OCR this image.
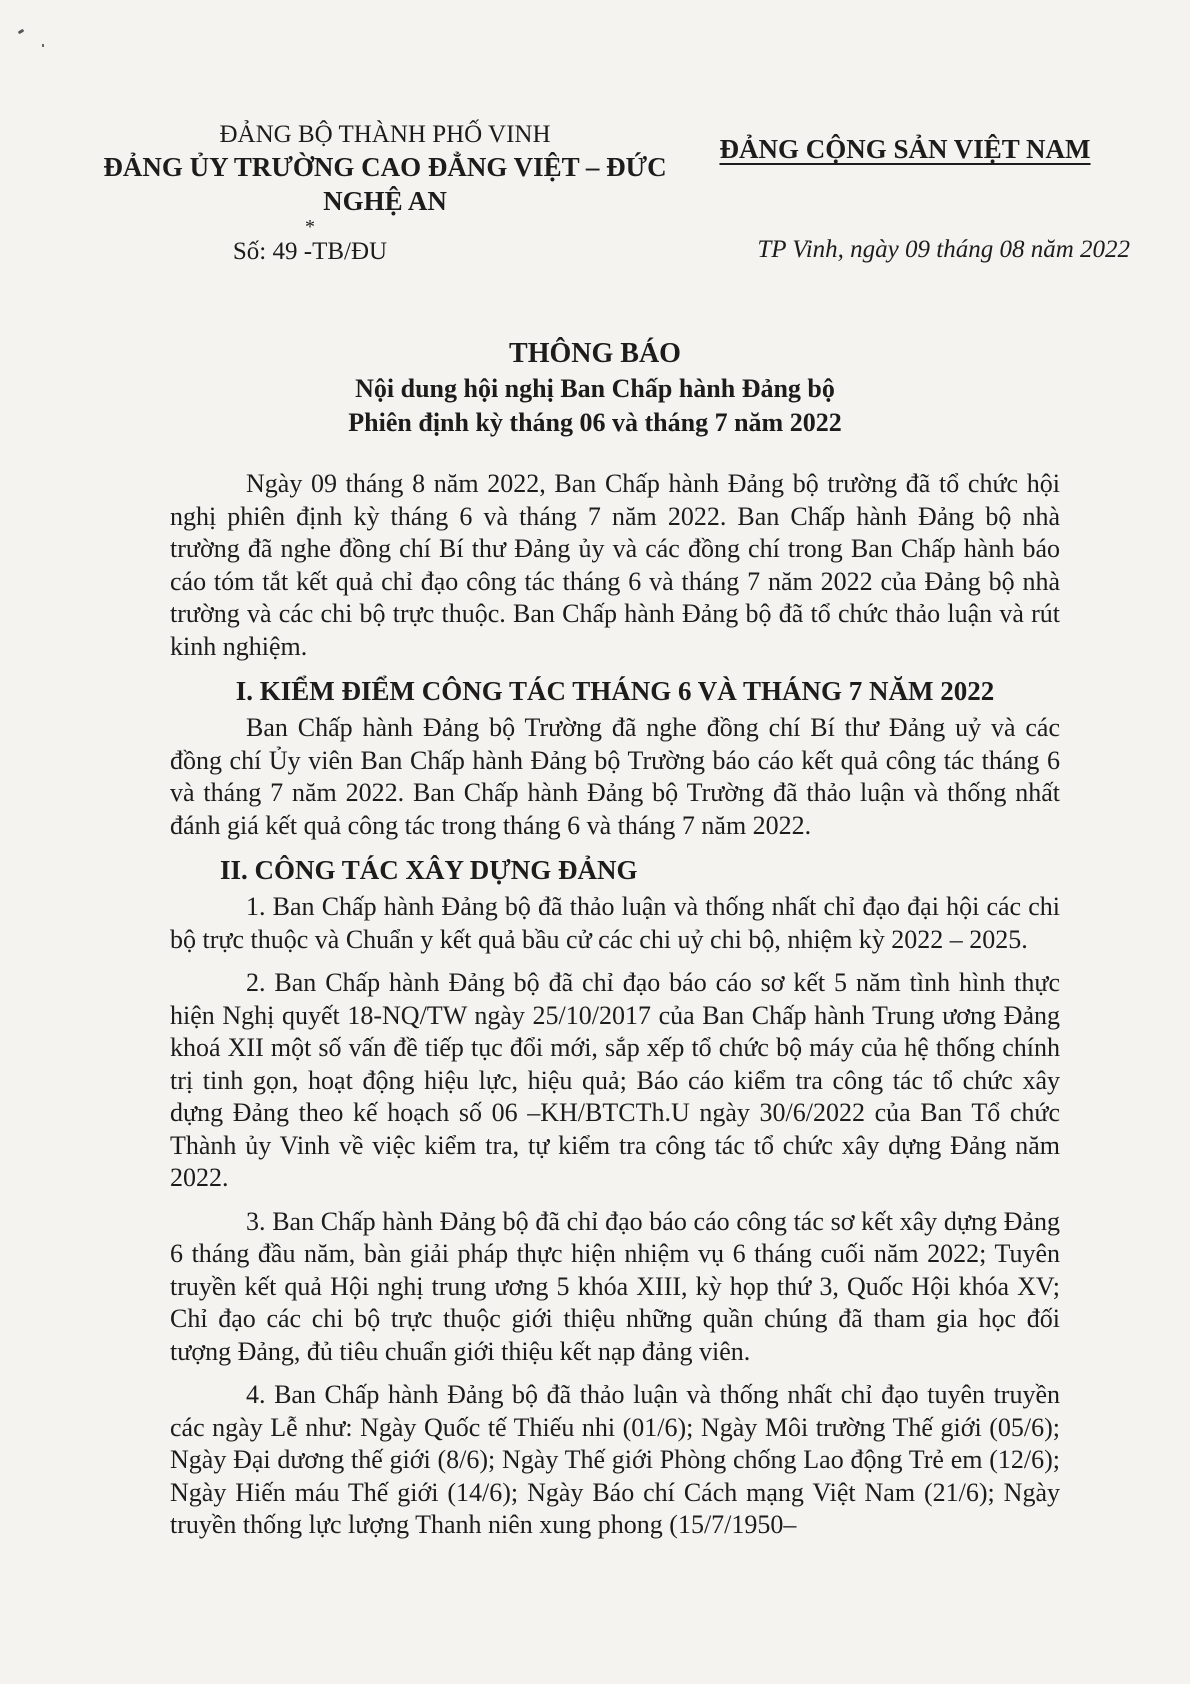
ĐẢNG BỘ THÀNH PHỐ VINH
ĐẢNG ỦY TRƯỜNG CAO ĐẲNG VIỆT – ĐỨC
NGHỆ AN
*
Số: 49 -TB/ĐU
ĐẢNG CỘNG SẢN VIỆT NAM
TP Vinh, ngày 09 tháng 08 năm 2022
THÔNG BÁO
Nội dung hội nghị Ban Chấp hành Đảng bộ
Phiên định kỳ tháng 06 và tháng 7 năm 2022

Ngày 09 tháng 8 năm 2022, Ban Chấp hành Đảng bộ trường đã tổ chức hội nghị phiên định kỳ tháng 6 và tháng 7 năm 2022. Ban Chấp hành Đảng bộ nhà trường đã nghe đồng chí Bí thư Đảng ủy và các đồng chí trong Ban Chấp hành báo cáo tóm tắt kết quả chỉ đạo công tác tháng 6 và tháng 7 năm 2022 của Đảng bộ nhà trường và các chi bộ trực thuộc. Ban Chấp hành Đảng bộ đã tổ chức thảo luận và rút kinh nghiệm.

I. KIỂM ĐIỂM CÔNG TÁC THÁNG 6 VÀ THÁNG 7 NĂM 2022

Ban Chấp hành Đảng bộ Trường đã nghe đồng chí Bí thư Đảng uỷ và các đồng chí Ủy viên Ban Chấp hành Đảng bộ Trường báo cáo kết quả công tác tháng 6 và tháng 7 năm 2022. Ban Chấp hành Đảng bộ Trường đã thảo luận và thống nhất đánh giá kết quả công tác trong tháng 6 và tháng 7 năm 2022.

II. CÔNG TÁC XÂY DỰNG ĐẢNG

1. Ban Chấp hành Đảng bộ đã thảo luận và thống nhất chỉ đạo đại hội các chi bộ trực thuộc và Chuẩn y kết quả bầu cử các chi uỷ chi bộ, nhiệm kỳ 2022 – 2025.

2. Ban Chấp hành Đảng bộ đã chỉ đạo báo cáo sơ kết 5 năm tình hình thực hiện Nghị quyết 18-NQ/TW ngày 25/10/2017 của Ban Chấp hành Trung ương Đảng khoá XII một số vấn đề tiếp tục đổi mới, sắp xếp tổ chức bộ máy của hệ thống chính trị tinh gọn, hoạt động hiệu lực, hiệu quả; Báo cáo kiểm tra công tác tổ chức xây dựng Đảng theo kế hoạch số 06 –KH/BTCTh.U ngày 30/6/2022 của Ban Tổ chức Thành ủy Vinh về việc kiểm tra, tự kiểm tra công tác tổ chức xây dựng Đảng năm 2022.

3. Ban Chấp hành Đảng bộ đã chỉ đạo báo cáo công tác sơ kết xây dựng Đảng 6 tháng đầu năm, bàn giải pháp thực hiện nhiệm vụ 6 tháng cuối năm 2022; Tuyên truyền kết quả Hội nghị trung ương 5 khóa XIII, kỳ họp thứ 3, Quốc Hội khóa XV; Chỉ đạo các chi bộ trực thuộc giới thiệu những quần chúng đã tham gia học đối tượng Đảng, đủ tiêu chuẩn giới thiệu kết nạp đảng viên.

4. Ban Chấp hành Đảng bộ đã thảo luận và thống nhất chỉ đạo tuyên truyền các ngày Lễ như: Ngày Quốc tế Thiếu nhi (01/6); Ngày Môi trường Thế giới (05/6); Ngày Đại dương thế giới (8/6); Ngày Thế giới Phòng chống Lao động Trẻ em (12/6); Ngày Hiến máu Thế giới (14/6); Ngày Báo chí Cách mạng Việt Nam (21/6); Ngày truyền thống lực lượng Thanh niên xung phong (15/7/1950–
